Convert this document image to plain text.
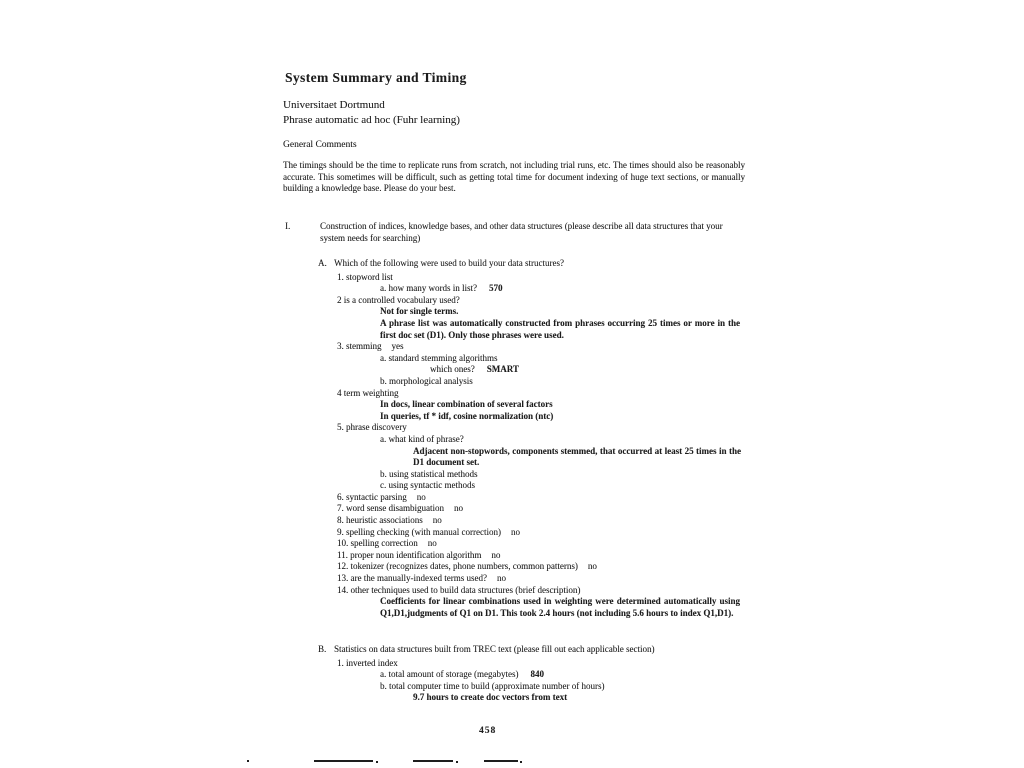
System Summary and Timing
Universitaet Dortmund
Phrase automatic ad hoc (Fuhr learning)
General Comments

The timings should be the time to replicate runs from scratch, not including trial runs, etc. The times should also be reasonably accurate. This sometimes will be difficult, such as getting total time for document indexing of huge text sections, or manually building a knowledge base. Please do your best.

I.	Construction of indices, knowledge bases, and other data structures (please describe all data structures that your system needs for searching)
A. Which of the following were used to build your data structures?
1. stopword list
a. how many words in list? 570
2 is a controlled vocabulary used?
Not for single terms.
A phrase list was automatically constructed from phrases occurring 25 times or more in the first doc set (D1). Only those phrases were used.
3. stemming yes
a. standard stemming algorithms
which ones? SMART
b. morphological analysis
4 term weighting
In docs, linear combination of several factors
In queries, tf * idf, cosine normalization (ntc)
5. phrase discovery
a. what kind of phrase?
Adjacent non-stopwords, components stemmed, that occurred at least 25 times in the D1 document set.
b. using statistical methods
c. using syntactic methods
6. syntactic parsing no
7. word sense disambiguation no
8. heuristic associations no
9. spelling checking (with manual correction) no
10. spelling correction no
11. proper noun identification algorithm no
12. tokenizer (recognizes dates, phone numbers, common patterns) no
13. are the manually-indexed terms used? no
14. other techniques used to build data structures (brief description)
Coefficients for linear combinations used in weighting were determined automatically using Q1,D1,judgments of Q1 on D1. This took 2.4 hours (not including 5.6 hours to index Q1,D1).
B. Statistics on data structures built from TREC text (please fill out each applicable section)
1. inverted index
a. total amount of storage (megabytes) 840
b. total computer time to build (approximate number of hours)
9.7 hours to create doc vectors from text
458
